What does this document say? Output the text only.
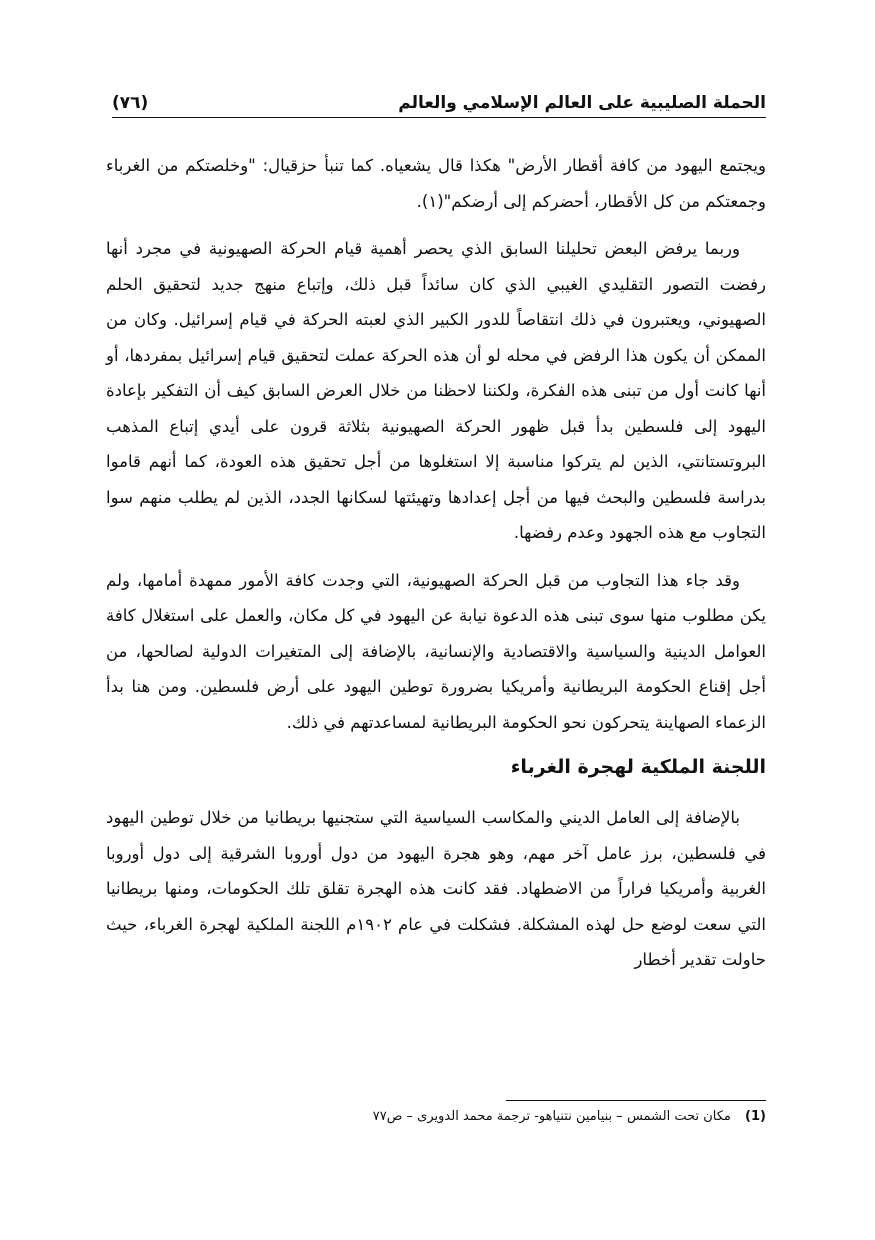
الحملة الصليبية على العالم الإسلامي والعالم
(٧٦)

ويجتمع اليهود من كافة أقطار الأرض" هكذا قال يشعياه. كما تنبأ حزقيال: "وخلصتكم من الغرباء وجمعتكم من كل الأقطار، أحضركم إلى أرضكم"(١).

وربما يرفض البعض تحليلنا السابق الذي يحصر أهمية قيام الحركة الصهيونية في مجرد أنها رفضت التصور التقليدي الغيبي الذي كان سائداً قبل ذلك، وإتباع منهج جديد لتحقيق الحلم الصهيوني، ويعتبرون في ذلك انتقاصاً للدور الكبير الذي لعبته الحركة في قيام إسرائيل. وكان من الممكن أن يكون هذا الرفض في محله لو أن هذه الحركة عملت لتحقيق قيام إسرائيل بمفردها، أو أنها كانت أول من تبنى هذه الفكرة، ولكننا لاحظنا من خلال العرض السابق كيف أن التفكير بإعادة اليهود إلى فلسطين بدأ قبل ظهور الحركة الصهيونية بثلاثة قرون على أيدي إتباع المذهب البروتستانتي، الذين لم يتركوا مناسبة إلا استغلوها من أجل تحقيق هذه العودة، كما أنهم قاموا بدراسة فلسطين والبحث فيها من أجل إعدادها وتهيئتها لسكانها الجدد، الذين لم يطلب منهم سوا التجاوب مع هذه الجهود وعدم رفضها.

وقد جاء هذا التجاوب من قبل الحركة الصهيونية، التي وجدت كافة الأمور ممهدة أمامها، ولم يكن مطلوب منها سوى تبنى هذه الدعوة نيابة عن اليهود في كل مكان، والعمل على استغلال كافة العوامل الدينية والسياسية والاقتصادية والإنسانية، بالإضافة إلى المتغيرات الدولية لصالحها، من أجل إقناع الحكومة البريطانية وأمريكيا بضرورة توطين اليهود على أرض فلسطين. ومن هنا بدأ الزعماء الصهاينة يتحركون نحو الحكومة البريطانية لمساعدتهم في ذلك.

اللجنة الملكية لهجرة الغرباء

بالإضافة إلى العامل الديني والمكاسب السياسية التي ستجنيها بريطانيا من خلال توطين اليهود في فلسطين، برز عامل آخر مهم، وهو هجرة اليهود من دول أوروبا الشرقية إلى دول أوروبا الغربية وأمريكيا فراراً من الاضطهاد. فقد كانت هذه الهجرة تقلق تلك الحكومات، ومنها بريطانيا التي سعت لوضع حل لهذه المشكلة. فشكلت في عام ١٩٠٢م اللجنة الملكية لهجرة الغرباء، حيث حاولت تقدير أخطار

(1) مكان تحت الشمس – بنيامين نتنياهو- ترجمة محمد الدويرى – ص٧٧
